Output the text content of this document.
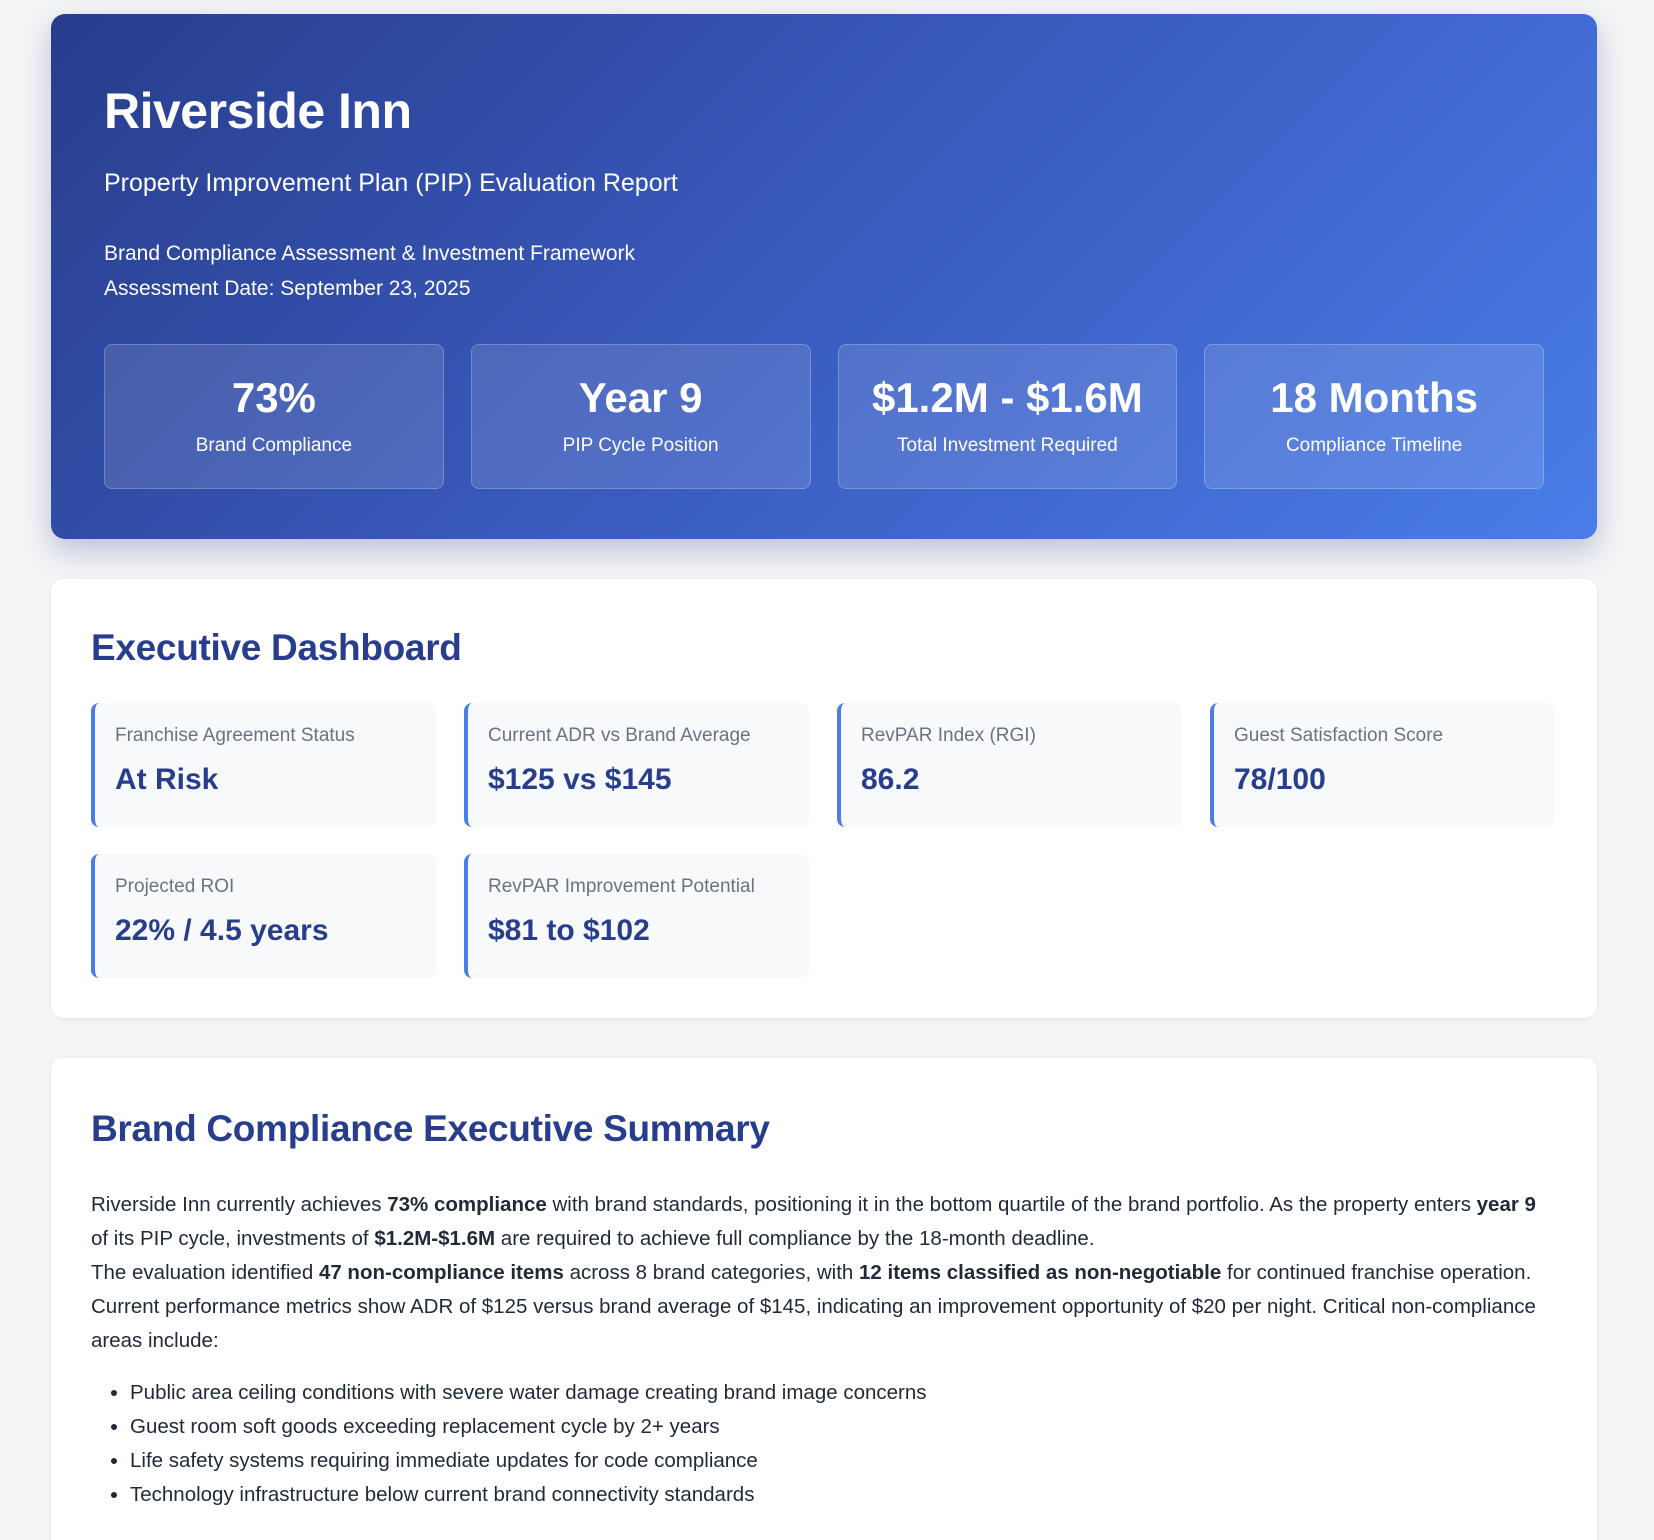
Riverside Inn
Property Improvement Plan (PIP) Evaluation Report
Brand Compliance Assessment & Investment Framework
Assessment Date: September 23, 2025
73%
Brand Compliance
Year 9
PIP Cycle Position
$1.2M - $1.6M
Total Investment Required
18 Months
Compliance Timeline
Executive Dashboard
Franchise Agreement Status
At Risk
Current ADR vs Brand Average
$125 vs $145
RevPAR Index (RGI)
86.2
Guest Satisfaction Score
78/100
Projected ROI
22% / 4.5 years
RevPAR Improvement Potential
$81 to $102
Brand Compliance Executive Summary

Riverside Inn currently achieves 73% compliance with brand standards, positioning it in the bottom quartile of the brand portfolio. As the property enters year 9 of its PIP cycle, investments of $1.2M-$1.6M are required to achieve full compliance by the 18-month deadline.

The evaluation identified 47 non-compliance items across 8 brand categories, with 12 items classified as non-negotiable for continued franchise operation. Current performance metrics show ADR of $125 versus brand average of $145, indicating an improvement opportunity of $20 per night. Critical non-compliance areas include:

• Public area ceiling conditions with severe water damage creating brand image concerns
• Guest room soft goods exceeding replacement cycle by 2+ years
• Life safety systems requiring immediate updates for code compliance
• Technology infrastructure below current brand connectivity standards
